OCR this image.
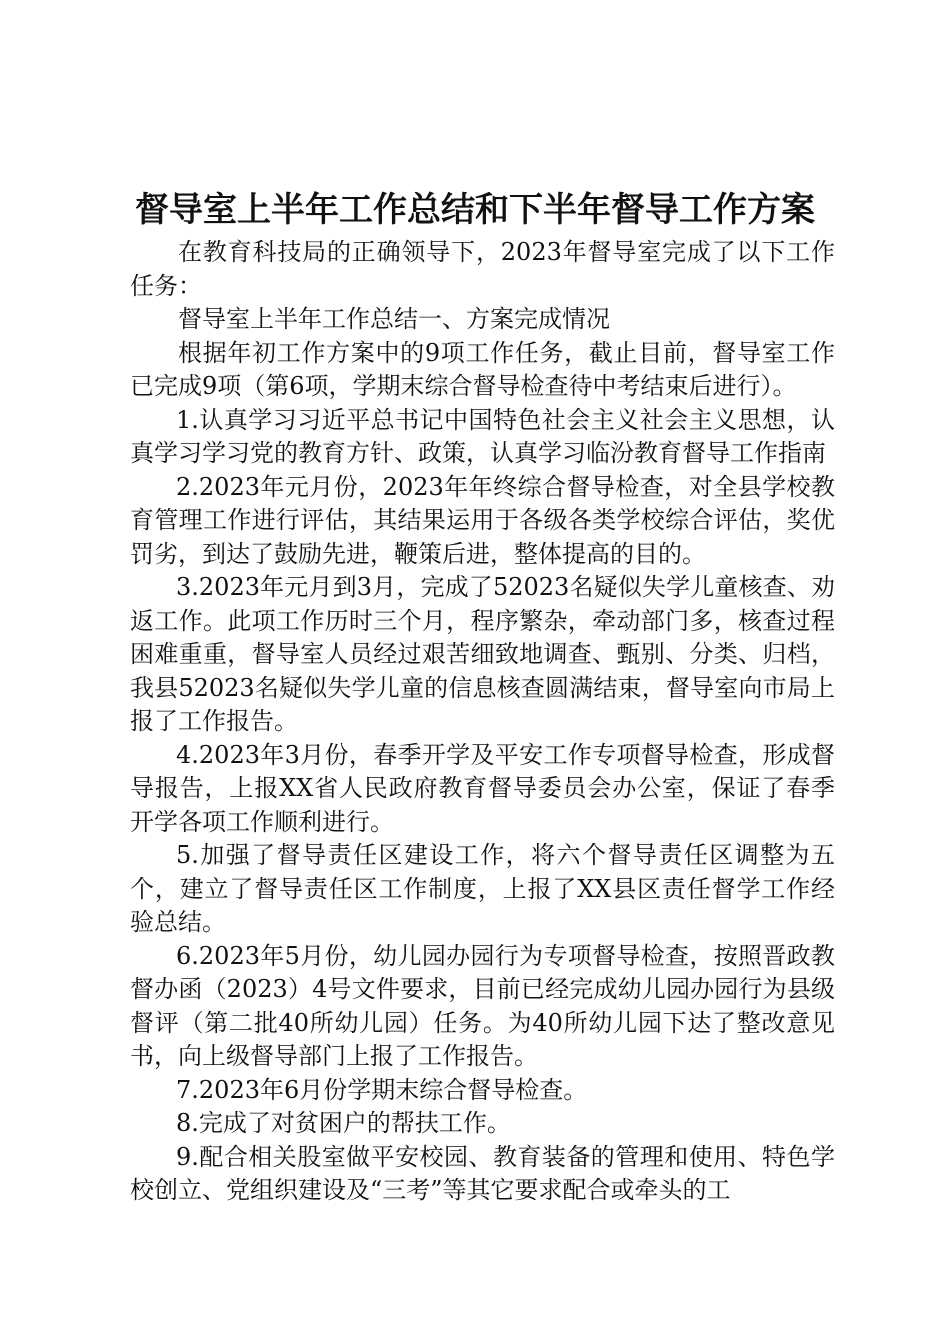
督导室上半年工作总结和下半年督导工作方案

在教育科技局的正确领导下，2023年督导室完成了以下工作任务：

督导室上半年工作总结一、方案完成情况

根据年初工作方案中的9项工作任务，截止目前，督导室工作已完成9项（第6项，学期末综合督导检查待中考结束后进行）。

1.认真学习习近平总书记中国特色社会主义社会主义思想，认真学习学习党的教育方针、政策，认真学习临汾教育督导工作指南

2.2023年元月份，2023年年终综合督导检查，对全县学校教育管理工作进行评估，其结果运用于各级各类学校综合评估，奖优罚劣，到达了鼓励先进，鞭策后进，整体提高的目的。

3.2023年元月到3月，完成了52023名疑似失学儿童核查、劝返工作。此项工作历时三个月，程序繁杂，牵动部门多，核查过程困难重重，督导室人员经过艰苦细致地调查、甄别、分类、归档，我县52023名疑似失学儿童的信息核查圆满结束，督导室向市局上报了工作报告。

4.2023年3月份，春季开学及平安工作专项督导检查，形成督导报告，上报XX省人民政府教育督导委员会办公室，保证了春季开学各项工作顺利进行。

5.加强了督导责任区建设工作，将六个督导责任区调整为五个，建立了督导责任区工作制度，上报了XX县区责任督学工作经验总结。

6.2023年5月份，幼儿园办园行为专项督导检查，按照晋政教督办函（2023）4号文件要求，目前已经完成幼儿园办园行为县级督评（第二批40所幼儿园）任务。为40所幼儿园下达了整改意见书，向上级督导部门上报了工作报告。

7.2023年6月份学期末综合督导检查。

8.完成了对贫困户的帮扶工作。

9.配合相关股室做平安校园、教育装备的管理和使用、特色学校创立、党组织建设及“三考”等其它要求配合或牵头的工
